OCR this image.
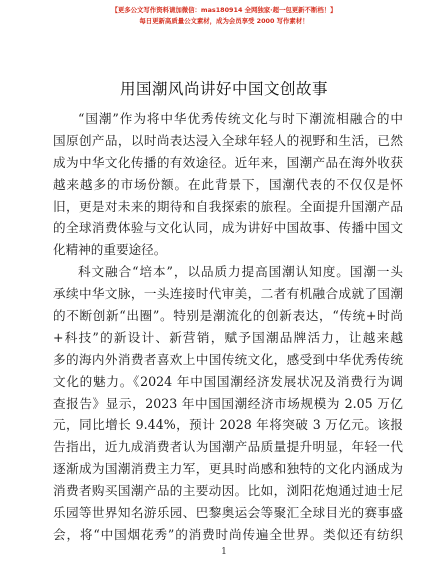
【更多公文写作资料请加微信：mas180914 全网独家·超一包更新不断档！】
每日更新高质量公文素材，成为会员享受 2000 写作素材！
用国潮风尚讲好中国文创故事
“国潮”作为将中华优秀传统文化与时下潮流相融合的中
国原创产品，以时尚表达浸入全球年轻人的视野和生活，已然
成为中华文化传播的有效途径。近年来，国潮产品在海外收获
越来越多的市场份额。在此背景下，国潮代表的不仅仅是怀
旧，更是对未来的期待和自我探索的旅程。全面提升国潮产品
的全球消费体验与文化认同，成为讲好中国故事、传播中国文
化精神的重要途径。
科文融合“培本”，以品质力提高国潮认知度。国潮一头
承续中华文脉，一头连接时代审美，二者有机融合成就了国潮
的不断创新“出圈”。特别是潮流化的创新表达，“传统+时尚
+科技”的新设计、新营销，赋予国潮品牌活力，让越来越
多的海内外消费者喜欢上中国传统文化，感受到中华优秀传统
文化的魅力。《2024 年中国国潮经济发展状况及消费行为调
查报告》显示，2023 年中国国潮经济市场规模为 2.05 万亿
元，同比增长 9.44%，预计 2028 年将突破 3 万亿元。该报
告指出，近九成消费者认为国潮产品质量提升明显，年轻一代
逐渐成为国潮消费主力军，更具时尚感和独特的文化内涵成为
消费者购买国潮产品的主要动因。比如，浏阳花炮通过迪士尼
乐园等世界知名游乐园、巴黎奥运会等聚汇全球目光的赛事盛
会，将“中国烟花秀”的消费时尚传遍全世界。类似还有纺织
1
